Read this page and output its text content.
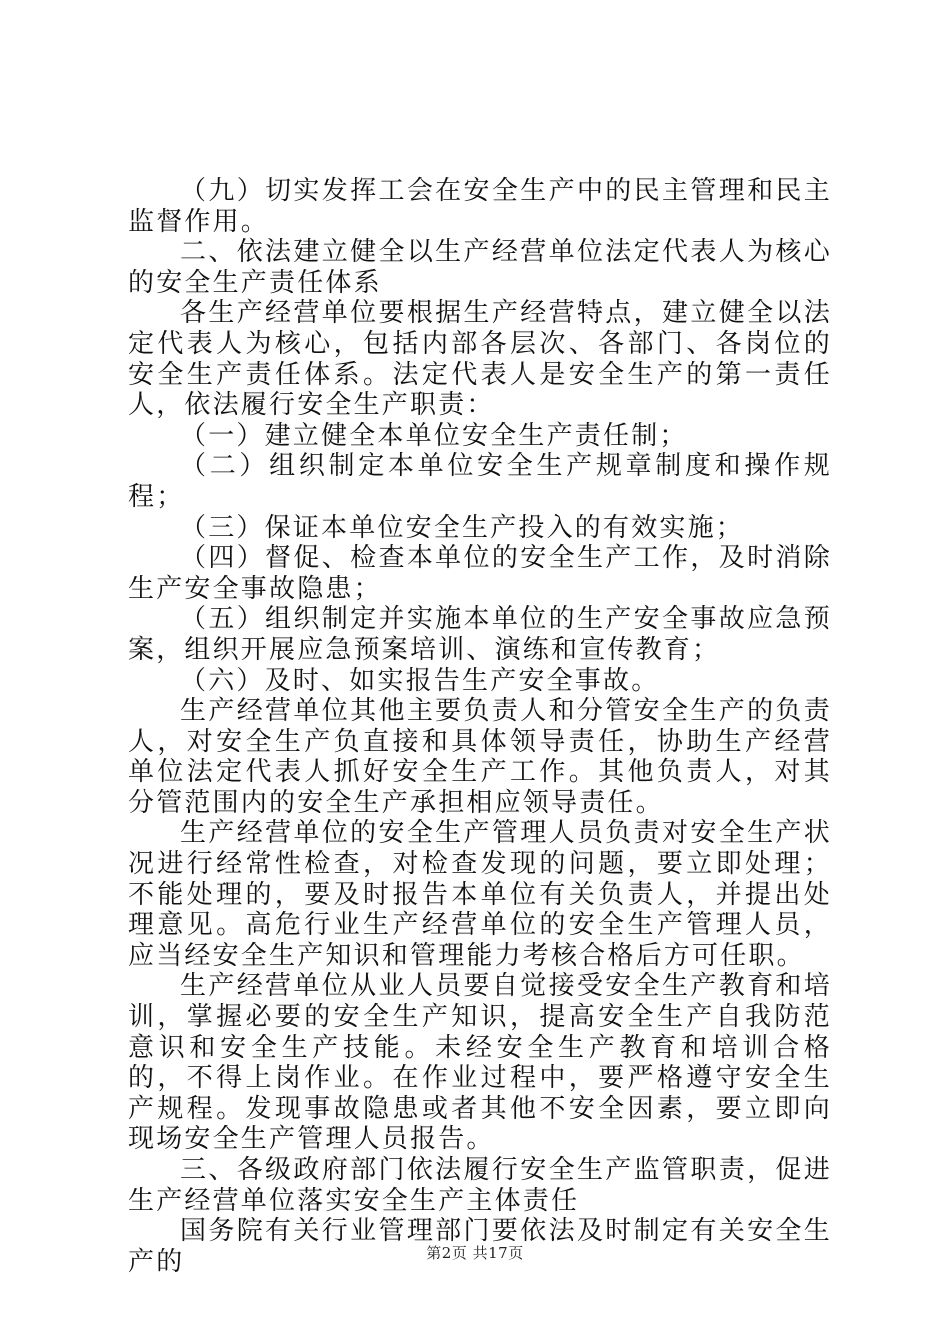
（九）切实发挥工会在安全生产中的民主管理和民主监督作用。

二、依法建立健全以生产经营单位法定代表人为核心的安全生产责任体系

各生产经营单位要根据生产经营特点，建立健全以法定代表人为核心，包括内部各层次、各部门、各岗位的安全生产责任体系。法定代表人是安全生产的第一责任人，依法履行安全生产职责：

（一）建立健全本单位安全生产责任制；

（二）组织制定本单位安全生产规章制度和操作规程；

（三）保证本单位安全生产投入的有效实施；

（四）督促、检查本单位的安全生产工作，及时消除生产安全事故隐患；

（五）组织制定并实施本单位的生产安全事故应急预案，组织开展应急预案培训、演练和宣传教育；

（六）及时、如实报告生产安全事故。

生产经营单位其他主要负责人和分管安全生产的负责人，对安全生产负直接和具体领导责任，协助生产经营单位法定代表人抓好安全生产工作。其他负责人，对其分管范围内的安全生产承担相应领导责任。

生产经营单位的安全生产管理人员负责对安全生产状况进行经常性检查，对检查发现的问题，要立即处理；不能处理的，要及时报告本单位有关负责人，并提出处理意见。高危行业生产经营单位的安全生产管理人员，应当经安全生产知识和管理能力考核合格后方可任职。

生产经营单位从业人员要自觉接受安全生产教育和培训，掌握必要的安全生产知识，提高安全生产自我防范意识和安全生产技能。未经安全生产教育和培训合格的，不得上岗作业。在作业过程中，要严格遵守安全生产规程。发现事故隐患或者其他不安全因素，要立即向现场安全生产管理人员报告。

三、各级政府部门依法履行安全生产监管职责，促进生产经营单位落实安全生产主体责任

国务院有关行业管理部门要依法及时制定有关安全生产的	第2页 共17页
